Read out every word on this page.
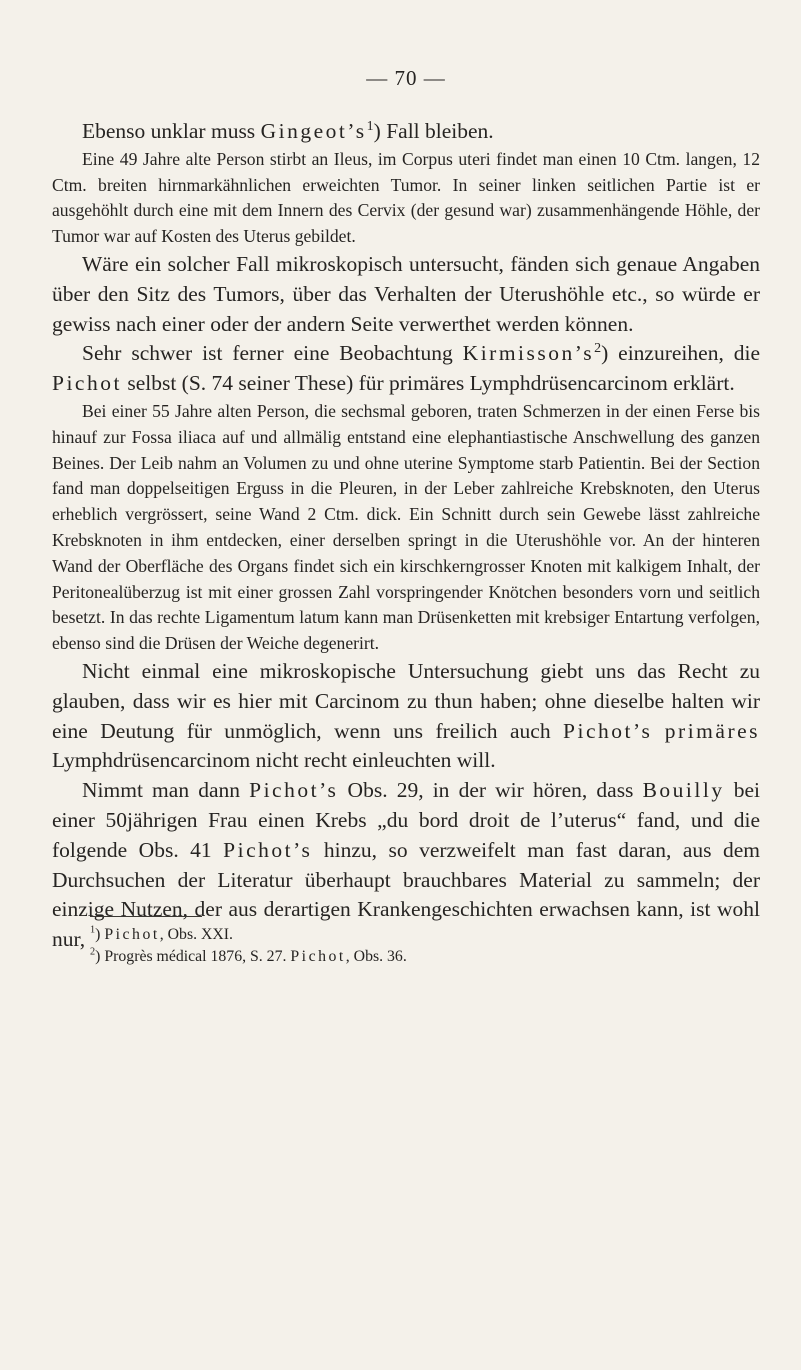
— 70 —

Ebenso unklar muss $Gingeot’s^1$) Fall bleiben.

Eine 49 Jahre alte Person stirbt an Ileus, im Corpus uteri findet man einen 10 Ctm. langen, 12 Ctm. breiten hirnmarkähnlichen erweichten Tumor. In seiner linken seitlichen Partie ist er ausgehöhlt durch eine mit dem Innern des Cervix (der gesund war) zusammenhängende Höhle, der Tumor war auf Kosten des Uterus gebildet.

Wäre ein solcher Fall mikroskopisch untersucht, fänden sich genaue Angaben über den Sitz des Tumors, über das Verhalten der Uterushöhle etc., so würde er gewiss nach einer oder der andern Seite verwerthet werden können.

Sehr schwer ist ferner eine Beobachtung $Kirmisson’s^2$) einzureihen, die Pichot selbst (S. 74 seiner These) für primäres Lymphdrüsencarcinom erklärt.

Bei einer 55 Jahre alten Person, die sechsmal geboren, traten Schmerzen in der einen Ferse bis hinauf zur Fossa iliaca auf und allmälig entstand eine elephantiastische Anschwellung des ganzen Beines. Der Leib nahm an Volumen zu und ohne uterine Symptome starb Patientin. Bei der Section fand man doppelseitigen Erguss in die Pleuren, in der Leber zahlreiche Krebsknoten, den Uterus erheblich vergrössert, seine Wand 2 Ctm. dick. Ein Schnitt durch sein Gewebe lässt zahlreiche Krebsknoten in ihm entdecken, einer derselben springt in die Uterushöhle vor. An der hinteren Wand der Oberfläche des Organs findet sich ein kirschkerngrosser Knoten mit kalkigem Inhalt, der Peritonealüberzug ist mit einer grossen Zahl vorspringender Knötchen besonders vorn und seitlich besetzt. In das rechte Ligamentum latum kann man Drüsenketten mit krebsiger Entartung verfolgen, ebenso sind die Drüsen der Weiche degenerirt.

Nicht einmal eine mikroskopische Untersuchung giebt uns das Recht zu glauben, dass wir es hier mit Carcinom zu thun haben; ohne dieselbe halten wir eine Deutung für unmöglich, wenn uns freilich auch Pichot’s primäres Lymphdrüsencarcinom nicht recht einleuchten will.

Nimmt man dann Pichot’s Obs. 29, in der wir hören, dass Bouilly bei einer 50jährigen Frau einen Krebs „du bord droit de l’uterus“ fand, und die folgende Obs. 41 Pichot’s hinzu, so verzweifelt man fast daran, aus dem Durchsuchen der Literatur überhaupt brauchbares Material zu sammeln; der einzige Nutzen, der aus derartigen Krankengeschichten erwachsen kann, ist wohl nur, $^1$) Pichot, Obs. XXI.
$^2$) Progrès médical 1876, S. 27. Pichot, Obs. 36.
